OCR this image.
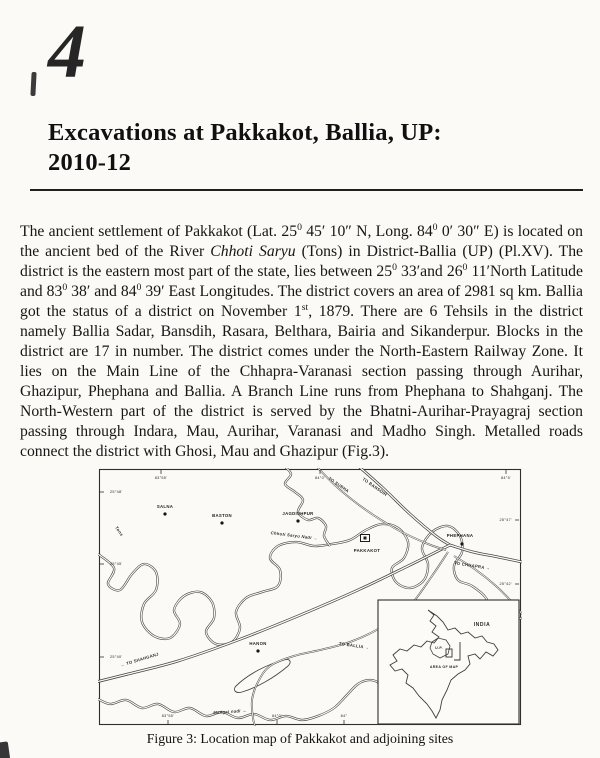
4
Excavations at Pakkakot, Ballia, UP:
2010-12

The ancient settlement of Pakkakot (Lat. $25^0$ 45′ 10″ N, Long. $84^0$ 0′ 30″ E) is located on the ancient bed of the River Chhoti Saryu (Tons) in District-Ballia (UP) (Pl.XV). The district is the eastern most part of the state, lies between $25^0$ 33′and $26^0$ 11′North Latitude and $83^0$ 38′ and $84^0$ 39′ East Longitudes. The district covers an area of 2981 sq km. Ballia got the status of a district on November 1st, 1879. There are 6 Tehsils in the district namely Ballia Sadar, Bansdih, Rasara, Belthara, Bairia and Sikanderpur. Blocks in the district are 17 in number. The district comes under the North-Eastern Railway Zone. It lies on the Main Line of the Chhapra-Varanasi section passing through Aurihar, Ghazipur, Phephana and Ballia. A Branch Line runs from Phephana to Shahganj. The North-Western part of the district is served by the Bhatni-Aurihar-Prayagraj section passing through Indara, Mau, Aurihar, Varanasi and Madho Singh. Metalled roads connect the district with Ghosi, Mau and Ghazipur (Fig.3).

INDIA
U.P.
AREA OF MAP
83°55'	84°0'	84°5'
83°55'	84°0'	84°
25°48'
25°45'
25°40'
25°47'
25°42'
SALNA
BASTON	JAGDISHPUR
PAKKAKOT
PHEPHANA
HANON
Tons
TO SURHA	TO BANSDIH
Chhoti Saryu Nadi →
TO CHHAPRA →
← TO SHAHGANJ
TO BALLIA →
Mangai nadi →

Figure 3: Location map of Pakkakot and adjoining sites
